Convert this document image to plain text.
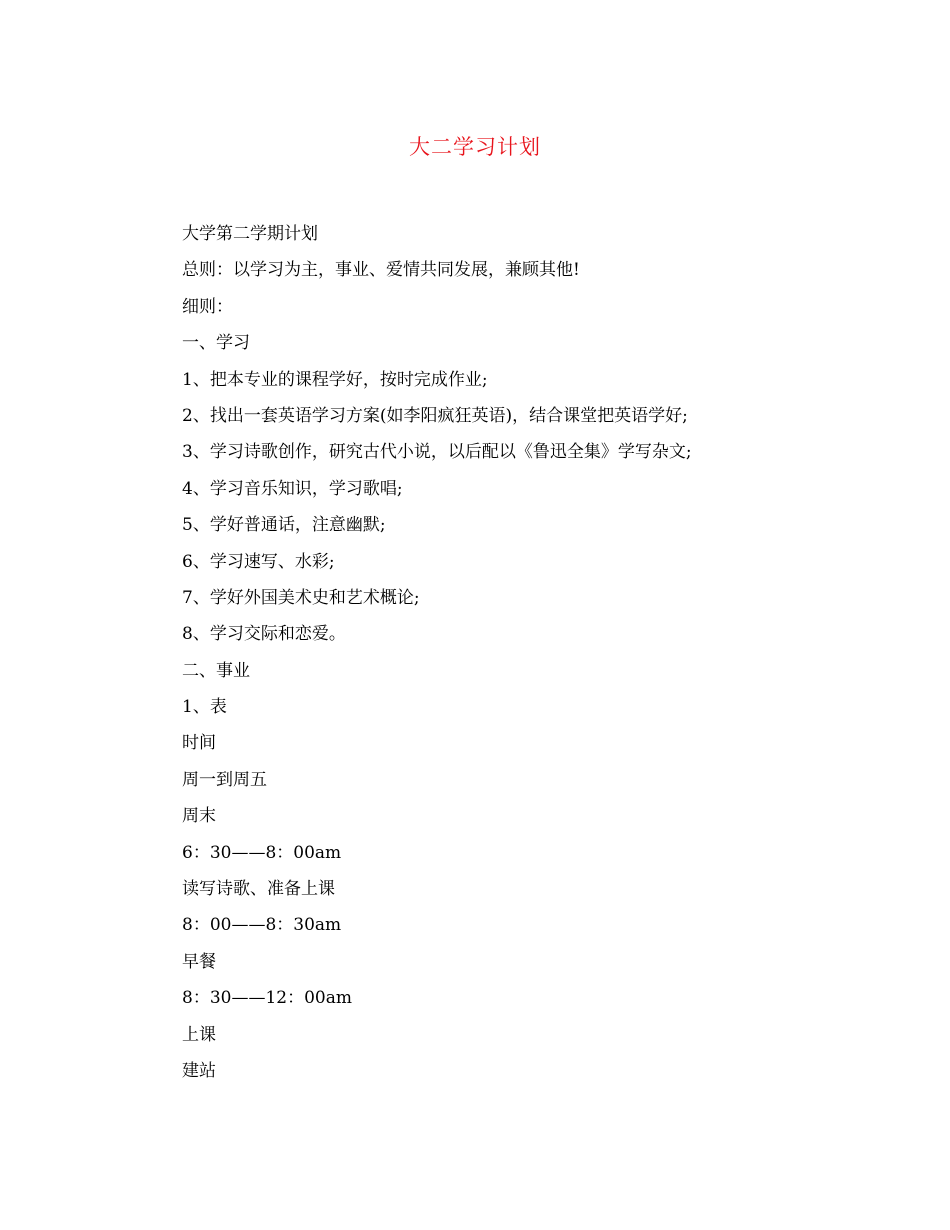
大二学习计划
大学第二学期计划
总则：以学习为主，事业、爱情共同发展，兼顾其他!
细则：
一、学习
1、把本专业的课程学好，按时完成作业;
2、找出一套英语学习方案(如李阳疯狂英语)，结合课堂把英语学好;
3、学习诗歌创作，研究古代小说，以后配以《鲁迅全集》学写杂文;
4、学习音乐知识，学习歌唱;
5、学好普通话，注意幽默;
6、学习速写、水彩;
7、学好外国美术史和艺术概论;
8、学习交际和恋爱。
二、事业
1、表
时间
周一到周五
周末
6：30——8：00am
读写诗歌、准备上课
8：00——8：30am
早餐
8：30——12：00am
上课
建站
